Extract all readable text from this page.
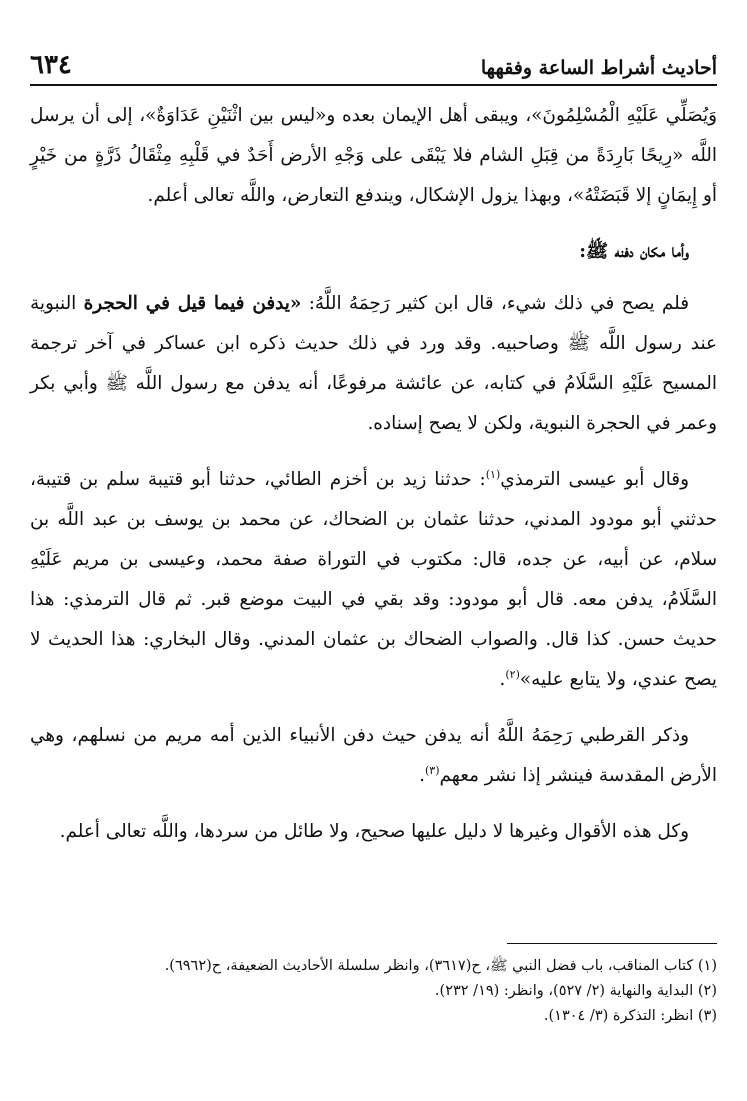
أحاديث أشراط الساعة وفقهها
٦٣٤

وَيُصَلِّي عَلَيْهِ الْمُسْلِمُونَ»، ويبقى أهل الإيمان بعده و«ليس بين اثْنَيْنِ عَدَاوَةٌ»، إلى أن يرسل اللَّه «رِيحًا بَارِدَةً من قِبَلِ الشام فلا يَبْقَى على وَجْهِ الأرض أَحَدٌ في قَلْبِهِ مِثْقَالُ ذَرَّةٍ من خَيْرٍ أو إِيمَانٍ إلا قَبَضَتْهُ»، وبهذا يزول الإشكال، ويندفع التعارض، واللَّه تعالى أعلم.

وأما مكان دفنه ﷺ:

فلم يصح في ذلك شيء، قال ابن كثير رَحِمَهُ اللَّهُ: «يدفن فيما قيل في الحجرة النبوية عند رسول اللَّه ﷺ وصاحبيه. وقد ورد في ذلك حديث ذكره ابن عساكر في آخر ترجمة المسيح عَلَيْهِ السَّلَامُ في كتابه، عن عائشة مرفوعًا، أنه يدفن مع رسول اللَّه ﷺ وأبي بكر وعمر في الحجرة النبوية، ولكن لا يصح إسناده.

وقال أبو عيسى الترمذي$^{(١)}$: حدثنا زيد بن أخزم الطائي، حدثنا أبو قتيبة سلم بن قتيبة، حدثني أبو مودود المدني، حدثنا عثمان بن الضحاك، عن محمد بن يوسف بن عبد اللَّه بن سلام، عن أبيه، عن جده، قال: مكتوب في التوراة صفة محمد، وعيسى بن مريم عَلَيْهِ السَّلَامُ، يدفن معه. قال أبو مودود: وقد بقي في البيت موضع قبر. ثم قال الترمذي: هذا حديث حسن. كذا قال. والصواب الضحاك بن عثمان المدني. وقال البخاري: هذا الحديث لا يصح عندي، ولا يتابع عليه»$^{(٢)}$.

وذكر القرطبي رَحِمَهُ اللَّهُ أنه يدفن حيث دفن الأنبياء الذين أمه مريم من نسلهم، وهي الأرض المقدسة فينشر إذا نشر معهم$^{(٣)}$.

وكل هذه الأقوال وغيرها لا دليل عليها صحيح، ولا طائل من سردها، واللَّه تعالى أعلم.

(١) كتاب المناقب، باب فضل النبي ﷺ، ح(٣٦١٧)، وانظر سلسلة الأحاديث الضعيفة، ح(٦٩٦٢).
(٢) البداية والنهاية (٢/ ٥٢٧)، وانظر: (١٩/ ٢٣٢).
(٣) انظر: التذكرة (٣/ ١٣٠٤).
